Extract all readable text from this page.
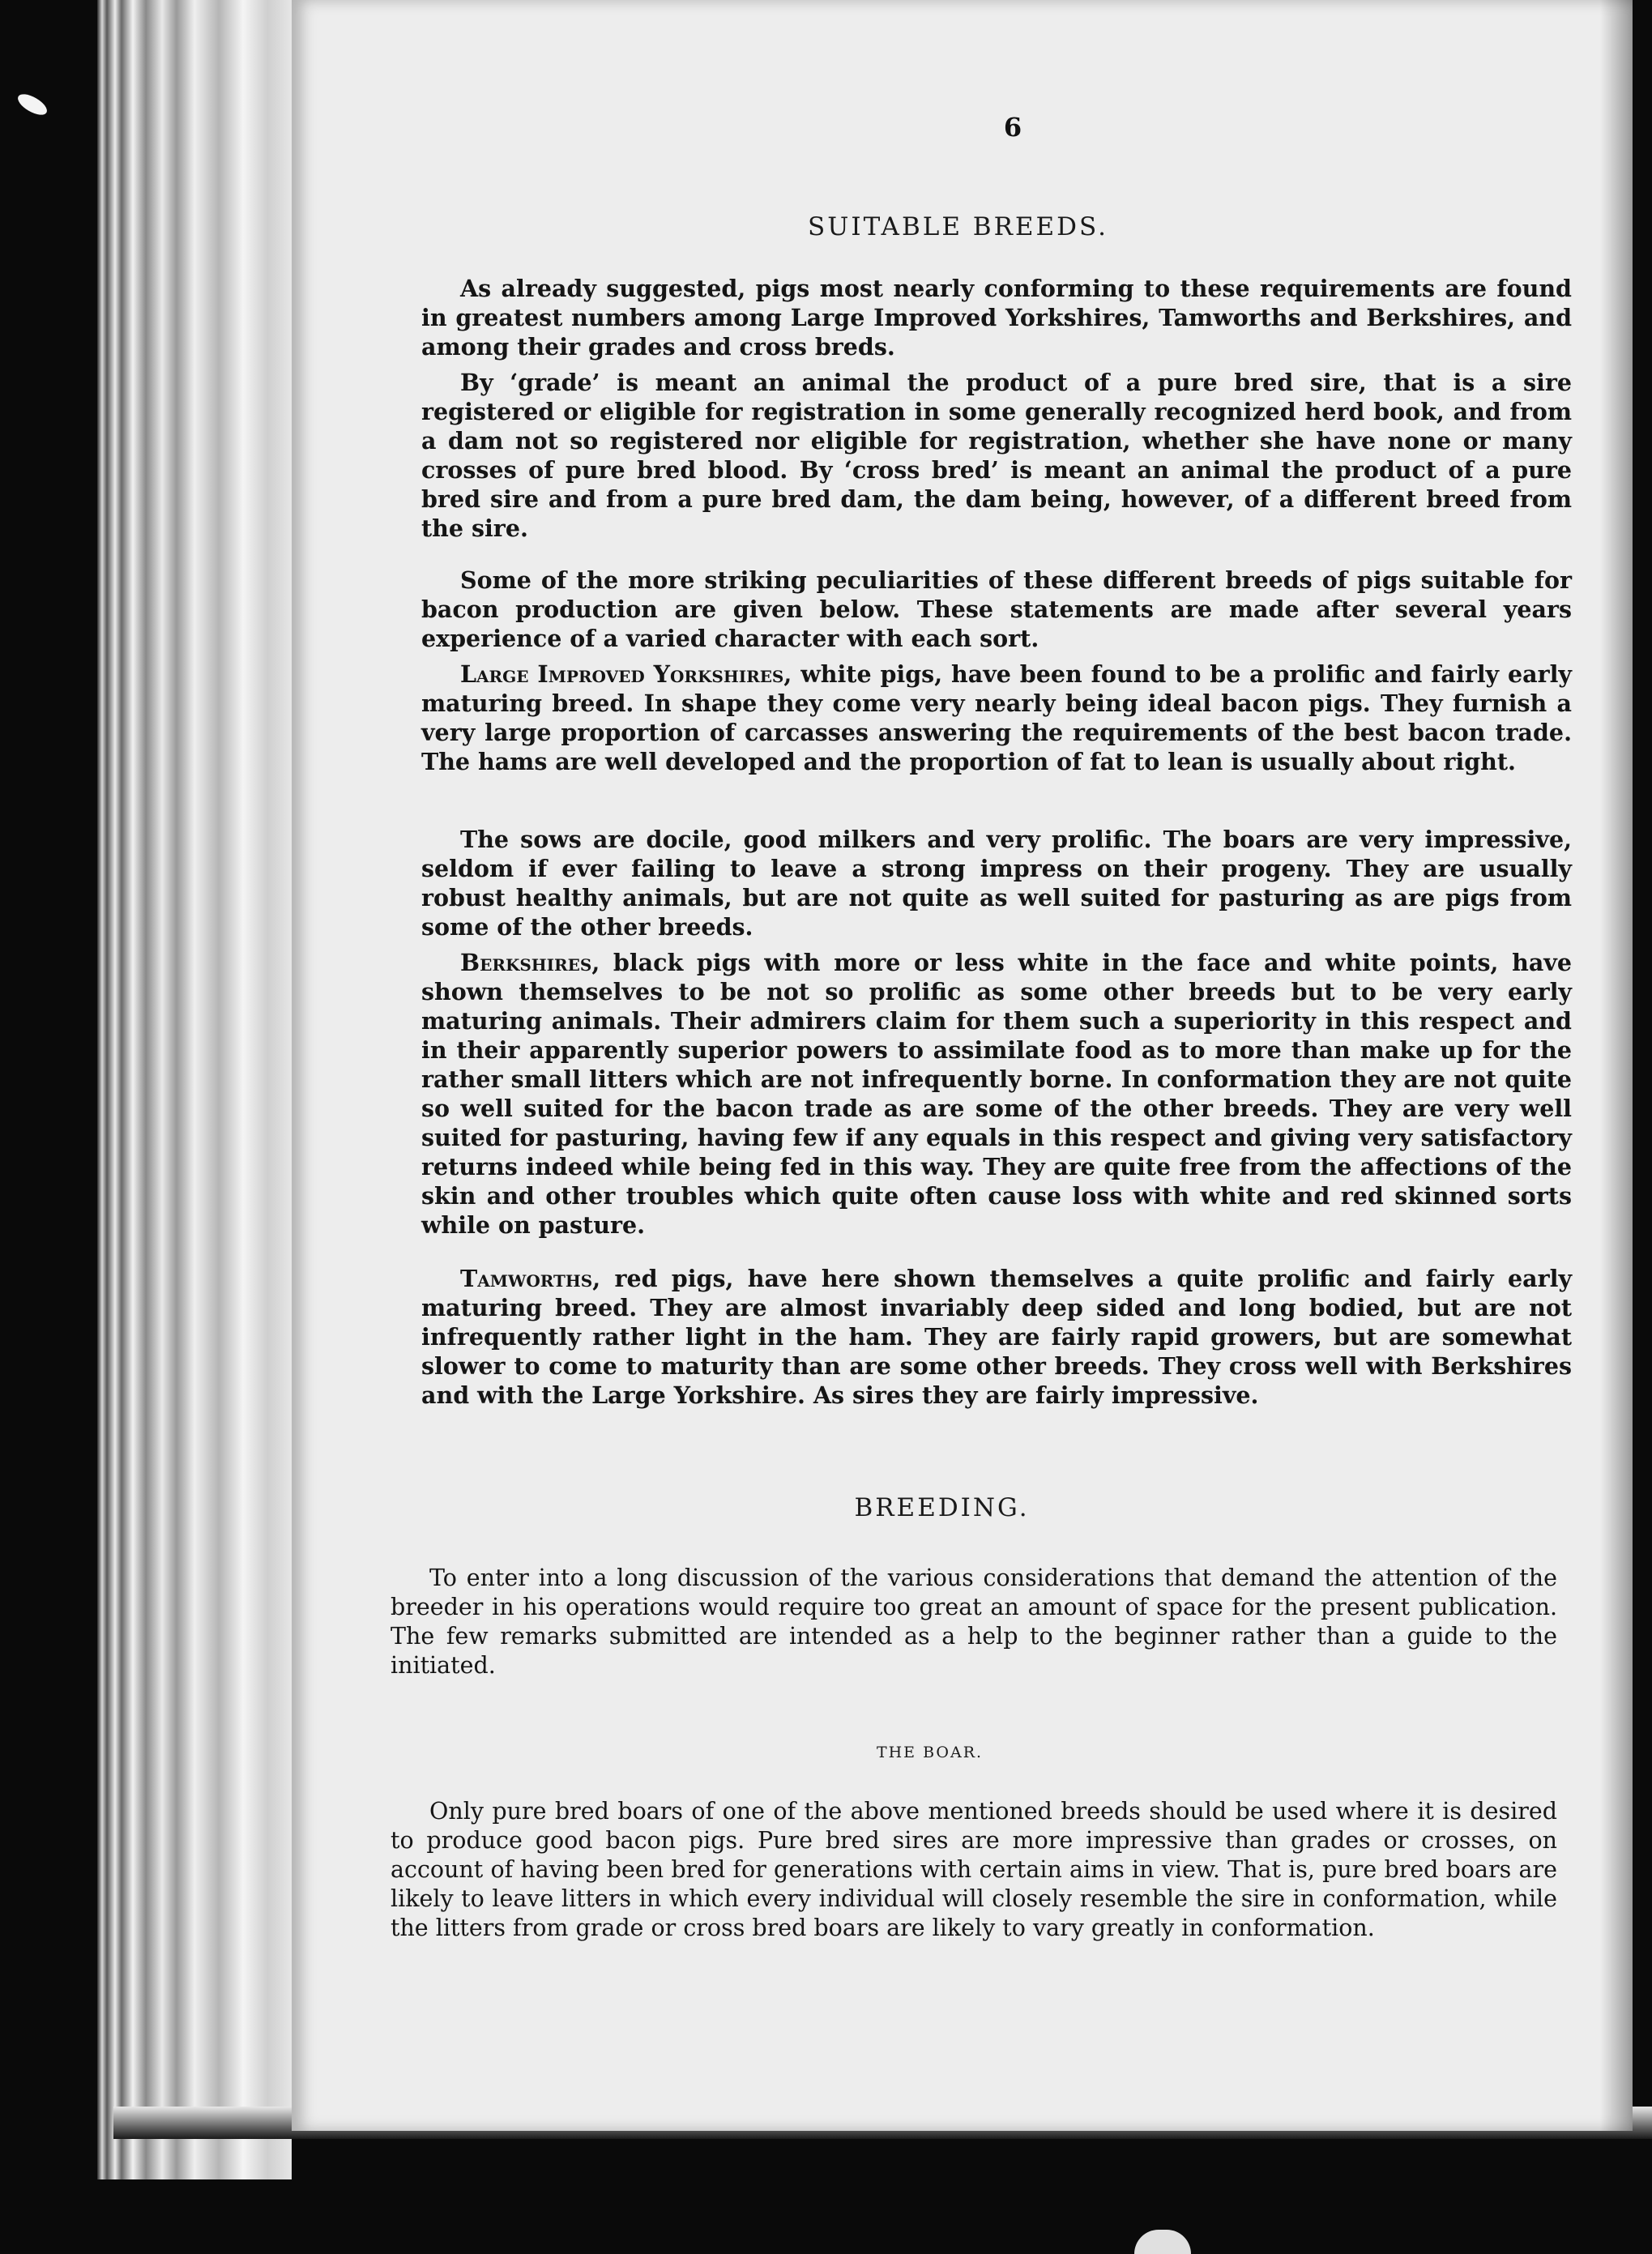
6
SUITABLE BREEDS.

As already suggested, pigs most nearly conforming to these requirements are found in greatest numbers among Large Improved Yorkshires, Tamworths and Berkshires, and among their grades and cross breds.

By ‘grade’ is meant an animal the product of a pure bred sire, that is a sire registered or eligible for registration in some generally recognized herd book, and from a dam not so registered nor eligible for registration, whether she have none or many crosses of pure bred blood. By ‘cross bred’ is meant an animal the product of a pure bred sire and from a pure bred dam, the dam being, however, of a different breed from the sire.

Some of the more striking peculiarities of these different breeds of pigs suitable for bacon production are given below. These statements are made after several years experience of a varied character with each sort.

Large Improved Yorkshires, white pigs, have been found to be a prolific and fairly early maturing breed. In shape they come very nearly being ideal bacon pigs. They furnish a very large proportion of carcasses answering the requirements of the best bacon trade. The hams are well developed and the proportion of fat to lean is usually about right.

The sows are docile, good milkers and very prolific. The boars are very impressive, seldom if ever failing to leave a strong impress on their progeny. They are usually robust healthy animals, but are not quite as well suited for pasturing as are pigs from some of the other breeds.

Berkshires, black pigs with more or less white in the face and white points, have shown themselves to be not so prolific as some other breeds but to be very early maturing animals. Their admirers claim for them such a superiority in this respect and in their apparently superior powers to assimilate food as to more than make up for the rather small litters which are not infrequently borne. In conformation they are not quite so well suited for the bacon trade as are some of the other breeds. They are very well suited for pasturing, having few if any equals in this respect and giving very satisfactory returns indeed while being fed in this way. They are quite free from the affections of the skin and other troubles which quite often cause loss with white and red skinned sorts while on pasture.

Tamworths, red pigs, have here shown themselves a quite prolific and fairly early maturing breed. They are almost invariably deep sided and long bodied, but are not infrequently rather light in the ham. They are fairly rapid growers, but are somewhat slower to come to maturity than are some other breeds. They cross well with Berkshires and with the Large Yorkshire. As sires they are fairly impressive.

BREEDING.

To enter into a long discussion of the various considerations that demand the attention of the breeder in his operations would require too great an amount of space for the present publication. The few remarks submitted are intended as a help to the beginner rather than a guide to the initiated.

THE BOAR.

Only pure bred boars of one of the above mentioned breeds should be used where it is desired to produce good bacon pigs. Pure bred sires are more impressive than grades or crosses, on account of having been bred for generations with certain aims in view. That is, pure bred boars are likely to leave litters in which every individual will closely resemble the sire in conformation, while the litters from grade or cross bred boars are likely to vary greatly in conformation.
